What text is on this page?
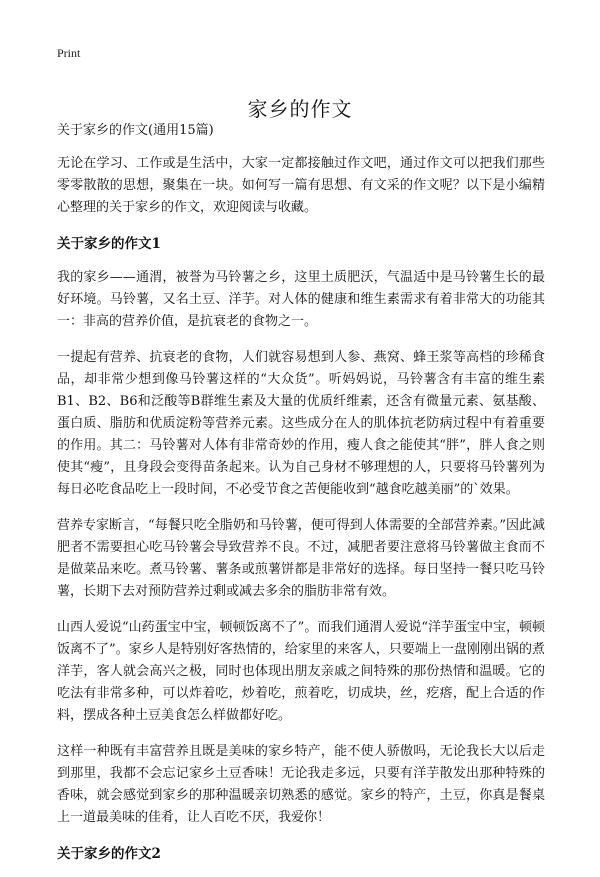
Print
家乡的作文

关于家乡的作文(通用15篇)

无论在学习、工作或是生活中，大家一定都接触过作文吧，通过作文可以把我们那些零零散散的思想，聚集在一块。如何写一篇有思想、有文采的作文呢？以下是小编精心整理的关于家乡的作文，欢迎阅读与收藏。

关于家乡的作文1

我的家乡——通渭，被誉为马铃薯之乡，这里土质肥沃，气温适中是马铃薯生长的最好环境。马铃薯，又名土豆、洋芋。对人体的健康和维生素需求有着非常大的功能其一：非高的营养价值，是抗衰老的食物之一。

一提起有营养、抗衰老的食物，人们就容易想到人参、燕窝、蜂王浆等高档的珍稀食品，却非常少想到像马铃薯这样的“大众货”。听妈妈说，马铃薯含有丰富的维生素B1、B2、B6和泛酸等B群维生素及大量的优质纤维素，还含有微量元素、氨基酸、蛋白质、脂肪和优质淀粉等营养元素。这些成分在人的肌体抗老防病过程中有着重要的作用。其二：马铃薯对人体有非常奇妙的作用，瘦人食之能使其“胖”，胖人食之则使其“瘦”，且身段会变得苗条起来。认为自己身材不够理想的人，只要将马铃薯列为每日必吃食品吃上一段时间，不必受节食之苦便能收到“越食吃越美丽”的`效果。

营养专家断言，“每餐只吃全脂奶和马铃薯，便可得到人体需要的全部营养素。”因此减肥者不需要担心吃马铃薯会导致营养不良。不过，减肥者要注意将马铃薯做主食而不是做菜品来吃。煮马铃薯、薯条或煎薯饼都是非常好的选择。每日坚持一餐只吃马铃薯，长期下去对预防营养过剩或减去多余的脂肪非常有效。

山西人爱说“山药蛋宝中宝，顿顿饭离不了”。而我们通渭人爱说“洋芋蛋宝中宝，顿顿饭离不了”。家乡人是特别好客热情的，给家里的来客人，只要端上一盘刚刚出锅的煮洋芋，客人就会高兴之极，同时也体现出朋友亲戚之间特殊的那份热情和温暖。它的吃法有非常多种，可以炸着吃，炒着吃，煎着吃，切成块，丝，疙瘩，配上合适的作料，摆成各种土豆美食怎么样做都好吃。

这样一种既有丰富营养且既是美味的家乡特产，能不使人骄傲吗，无论我长大以后走到那里，我都不会忘记家乡土豆香味！无论我走多远，只要有洋芋散发出那种特殊的香味，就会感觉到家乡的那种温暖亲切熟悉的感觉。家乡的特产，土豆，你真是餐桌上一道最美味的佳肴，让人百吃不厌，我爱你！

关于家乡的作文2
